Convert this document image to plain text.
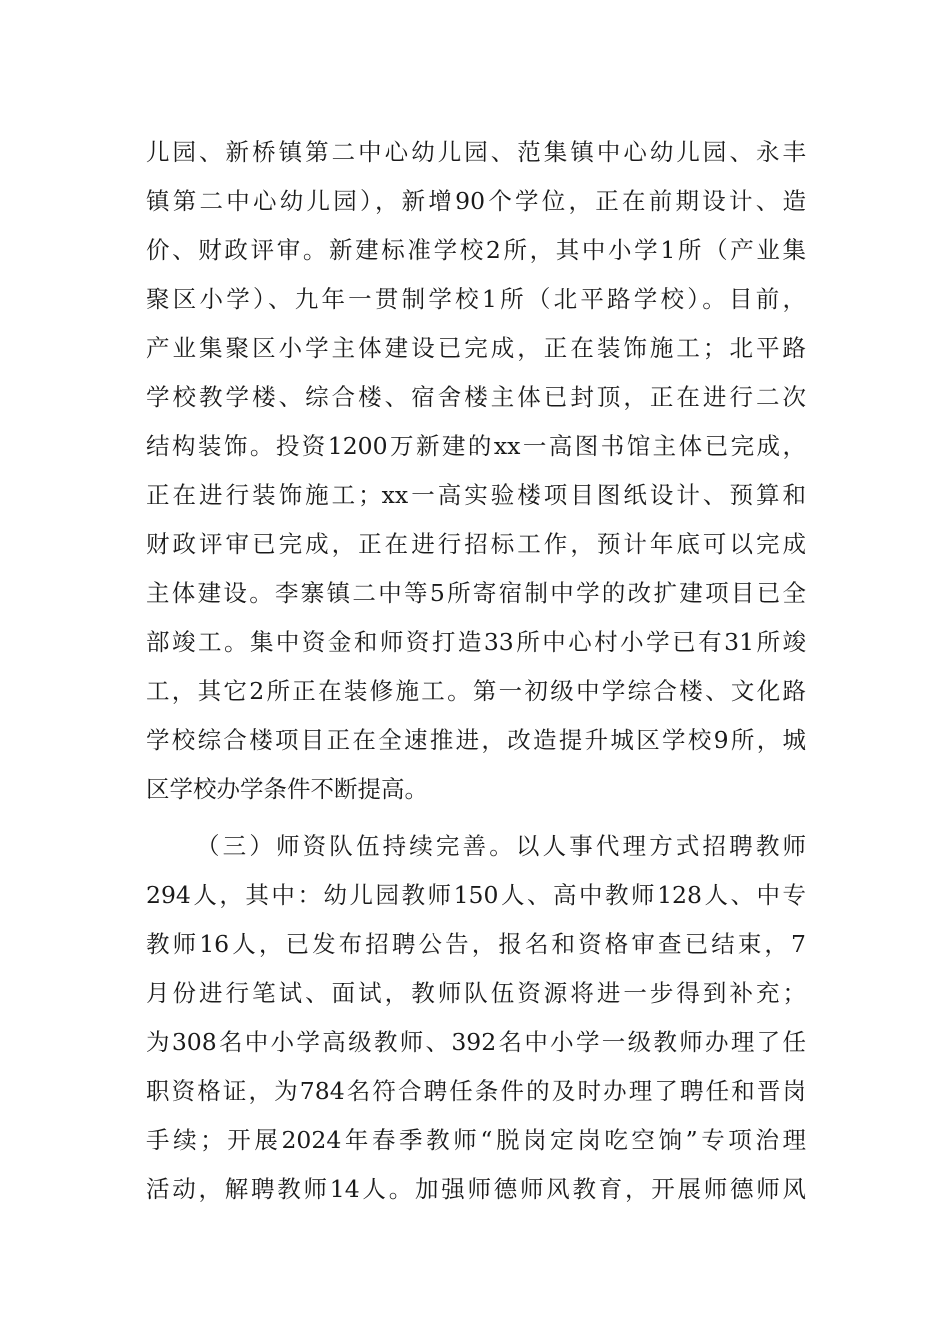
儿园、新桥镇第二中心幼儿园、范集镇中心幼儿园、永丰
镇第二中心幼儿园），新增90个学位，正在前期设计、造
价、财政评审。新建标准学校2所，其中小学1所（产业集
聚区小学）、九年一贯制学校1所（北平路学校）。目前，
产业集聚区小学主体建设已完成，正在装饰施工；北平路
学校教学楼、综合楼、宿舍楼主体已封顶，正在进行二次
结构装饰。投资1200万新建的xx一高图书馆主体已完成，
正在进行装饰施工；xx一高实验楼项目图纸设计、预算和
财政评审已完成，正在进行招标工作，预计年底可以完成
主体建设。李寨镇二中等5所寄宿制中学的改扩建项目已全
部竣工。集中资金和师资打造33所中心村小学已有31所竣
工，其它2所正在装修施工。第一初级中学综合楼、文化路
学校综合楼项目正在全速推进，改造提升城区学校9所，城
区学校办学条件不断提高。
（三）师资队伍持续完善。以人事代理方式招聘教师
294人，其中：幼儿园教师150人、高中教师128人、中专
教师16人，已发布招聘公告，报名和资格审查已结束，7
月份进行笔试、面试，教师队伍资源将进一步得到补充；
为308名中小学高级教师、392名中小学一级教师办理了任
职资格证，为784名符合聘任条件的及时办理了聘任和晋岗
手续；开展2024年春季教师“脱岗定岗吃空饷”专项治理
活动，解聘教师14人。加强师德师风教育，开展师德师风
